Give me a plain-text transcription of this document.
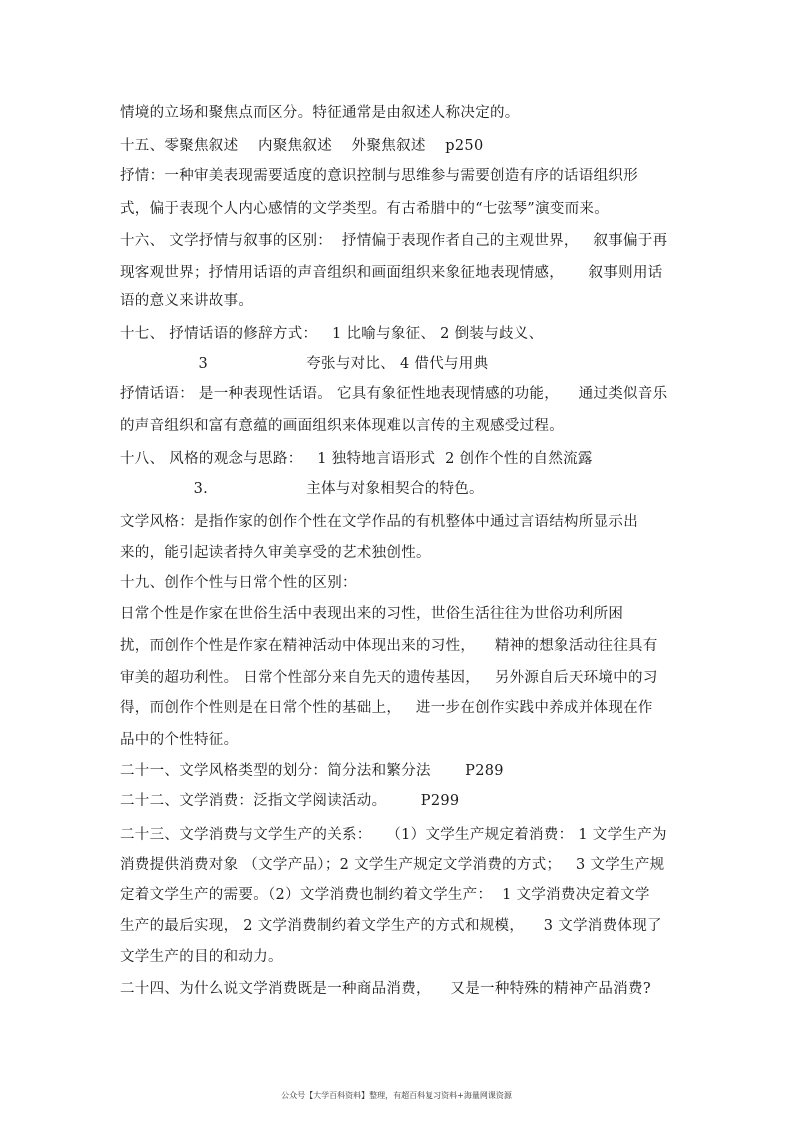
情境的立场和聚焦点而区分。特征通常是由叙述人称决定的。
十五、零聚焦叙述    内聚焦叙述    外聚焦叙述    p250
抒情：一种审美表现需要适度的意识控制与思维参与需要创造有序的话语组织形
式，偏于表现个人内心感情的文学类型。有古希腊中的“七弦琴”演变而来。
十六、 文学抒情与叙事的区别：  抒情偏于表现作者自己的主观世界，   叙事偏于再
现客观世界；抒情用话语的声音组织和画面组织来象征地表现情感，     叙事则用话
语的意义来讲故事。
十七、 抒情话语的修辞方式：   1 比喻与象征、 2 倒装与歧义、
3                    夸张与对比、 4 借代与用典
抒情话语： 是一种表现性话语。 它具有象征性地表现情感的功能，    通过类似音乐
的声音组织和富有意蕴的画面组织来体现难以言传的主观感受过程。
十八、 风格的观念与思路：   1 独特地言语形式  2 创作个性的自然流露
3.                    主体与对象相契合的特色。
文学风格：是指作家的创作个性在文学作品的有机整体中通过言语结构所显示出
来的，能引起读者持久审美享受的艺术独创性。
十九、创作个性与日常个性的区别：
日常个性是作家在世俗生活中表现出来的习性，世俗生活往往为世俗功利所困
扰，而创作个性是作家在精神活动中体现出来的习性，    精神的想象活动往往具有
审美的超功利性。 日常个性部分来自先天的遗传基因，   另外源自后天环境中的习
得，而创作个性则是在日常个性的基础上，   进一步在创作实践中养成并体现在作
品中的个性特征。
二十一、文学风格类型的划分：简分法和繁分法       P289
二十二、文学消费：泛指文学阅读活动。       P299
二十三、文学消费与文学生产的关系：   （1）文学生产规定着消费： 1 文学生产为
消费提供消费对象 （文学产品）；2 文学生产规定文学消费的方式；   3 文学生产规
定着文学生产的需要。（2）文学消费也制约着文学生产：  1 文学消费决定着文学
生产的最后实现， 2 文学消费制约着文学生产的方式和规模，    3 文学消费体现了
文学生产的目的和动力。
二十四、为什么说文学消费既是一种商品消费，    又是一种特殊的精神产品消费?
公众号【大学百科资料】整理，有超百科复习资料+海量网课资源
